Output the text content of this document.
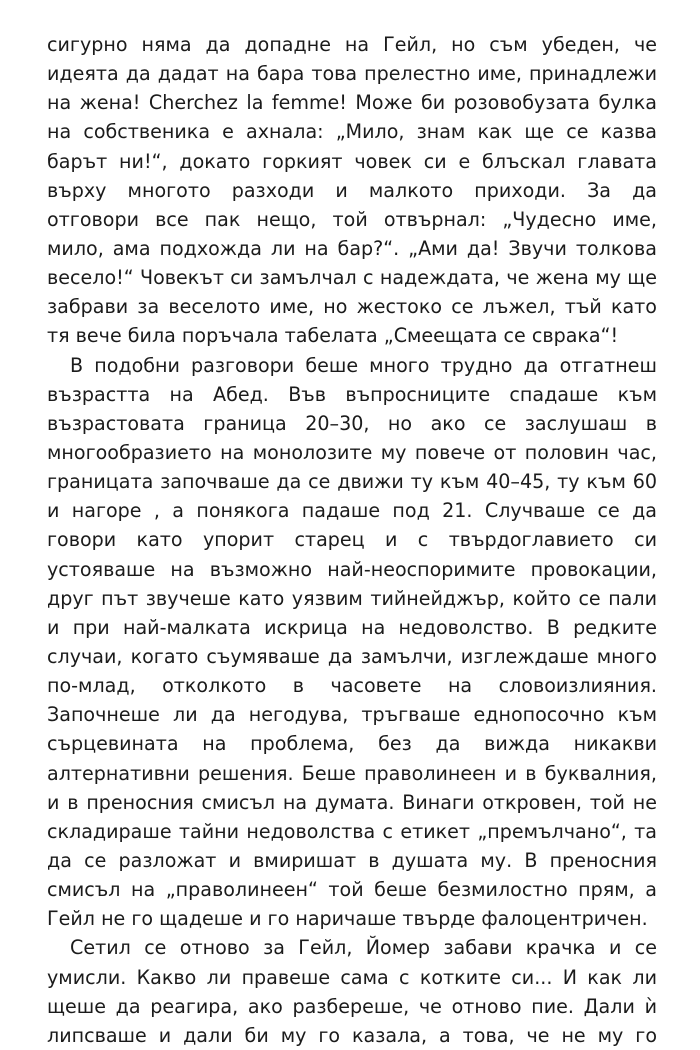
сигурно няма да допадне на Гейл, но съм убеден, че
идеята да дадат на бара това прелестно име, принадлежи
на жена! Cherchez la femme! Може би розовобузата булка
на собственика е ахнала: „Мило, знам как ще се казва
барът ни!“, докато горкият човек си е блъскал главата
върху многото разходи и малкото приходи. За да
отговори все пак нещо, той отвърнал: „Чудесно име,
мило, ама подхожда ли на бар?“. „Ами да! Звучи толкова
весело!“ Човекът си замълчал с надеждата, че жена му ще
забрави за веселото име, но жестоко се лъжел, тъй като
тя вече била поръчала табелата „Смеещата се сврака“!
В подобни разговори беше много трудно да отгатнеш
възрастта на Абед. Във въпросниците спадаше към
възрастовата граница 20–30, но ако се заслушаш в
многообразието на монолозите му повече от половин час,
границата започваше да се движи ту към 40–45, ту към 60
и нагоре , а понякога падаше под 21. Случваше се да
говори като упорит старец и с твърдоглавието си
устояваше на възможно най-неоспоримите провокации,
друг път звучеше като уязвим тийнейджър, който се пали
и при най-малката искрица на недоволство. В редките
случаи, когато съумяваше да замълчи, изглеждаше много
по-млад, отколкото в часовете на словоизлияния.
Започнеше ли да негодува, тръгваше еднопосочно към
сърцевината на проблема, без да вижда никакви
алтернативни решения. Беше праволинеен и в буквалния,
и в преносния смисъл на думата. Винаги откровен, той не
складираше тайни недоволства с етикет „премълчано“, та
да се разложат и вмиришат в душата му. В преносния
смисъл на „праволинеен“ той беше безмилостно прям, а
Гейл не го щадеше и го наричаше твърде фалоцентричен.
Сетил се отново за Гейл, Йомер забави крачка и се
умисли. Какво ли правеше сама с котките си... И как ли
щеше да реагира, ако разбереше, че отново пие. Дали ѝ
липсваше и дали би му го казала, а това, че не му го
